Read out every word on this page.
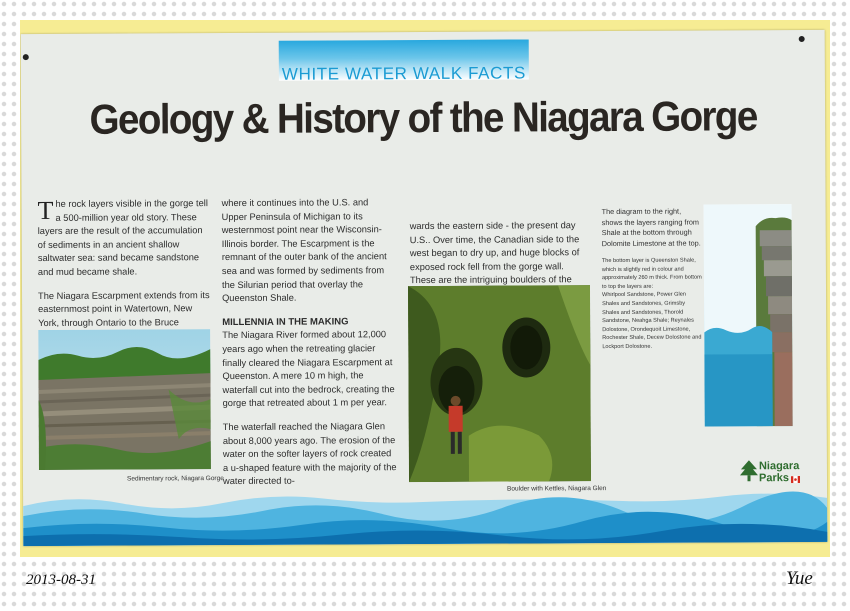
WHITE WATER WALK FACTS
Geology & History of the Niagara Gorge

The rock layers visible in the gorge tell a 500-million year old story. These layers are the result of the accumulation of sediments in an ancient shallow saltwater sea: sand became sandstone and mud became shale.

The Niagara Escarpment extends from its easternmost point in Watertown, New York, through Ontario to the Bruce

Sedimentary rock, Niagara Gorge

where it continues into the U.S. and Upper Peninsula of Michigan to its westernmost point near the Wisconsin-Illinois border. The Escarpment is the remnant of the outer bank of the ancient sea and was formed by sediments from the Silurian period that overlay the Queenston Shale.

MILLENNIA IN THE MAKING

The Niagara River formed about 12,000 years ago when the retreating glacier finally cleared the Niagara Escarpment at Queenston. A mere 10 m high, the waterfall cut into the bedrock, creating the gorge that retreated about 1 m per year.

The waterfall reached the Niagara Glen about 8,000 years ago. The erosion of the water on the softer layers of rock created a u-shaped feature with the majority of the water directed to-

wards the eastern side - the present day U.S.. Over time, the Canadian side to the west began to dry up, and huge blocks of exposed rock fell from the gorge wall. These are the intriguing boulders of the

Boulder with Kettles, Niagara Glen
The diagram to the right, shows the layers ranging from Shale at the bottom through Dolomite Limestone at the top.
The bottom layer is Queenston Shale, which is slightly red in colour and approximately 260 m thick. From bottom to top the layers are:
Whirlpool Sandstone, Power Glen Shales and Sandstones, Grimsby Shales and Sandstones, Thorold Sandstone, Neahga Shale; Reynales Dolostone, Orondequoit Limestone, Rochester Shale, Decew Dolostone and Lockport Dolostone.
Niagara
Parks
2013-08-31	Yue
